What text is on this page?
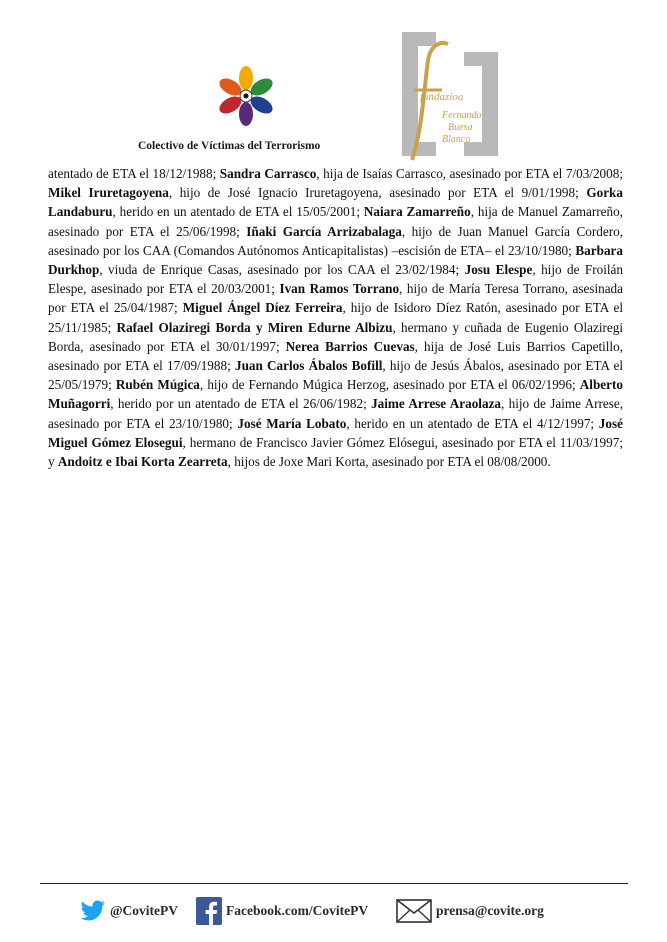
Colectivo de Víctimas del Terrorismo
fundazioa
Fernando
Buesa
Blanco
atentado de ETA el 18/12/1988; Sandra Carrasco, hija de Isaías Carrasco, asesinado por ETA el 7/03/2008; Mikel Iruretagoyena, hijo de José Ignacio Iruretagoyena, asesinado por ETA el 9/01/1998; Gorka Landaburu, herido en un atentado de ETA el 15/05/2001; Naiara Zamarreño, hija de Manuel Zamarreño, asesinado por ETA el 25/06/1998; Iñaki García Arrizabalaga, hijo de Juan Manuel García Cordero, asesinado por los CAA (Comandos Autónomos Anticapitalistas) –escisión de ETA– el 23/10/1980; Barbara Durkhop, viuda de Enrique Casas, asesinado por los CAA el 23/02/1984; Josu Elespe, hijo de Froilán Elespe, asesinado por ETA el 20/03/2001; Ivan Ramos Torrano, hijo de María Teresa Torrano, asesinada por ETA el 25/04/1987; Miguel Ángel Díez Ferreira, hijo de Isidoro Díez Ratón, asesinado por ETA el 25/11/1985; Rafael Olaziregi Borda y Miren Edurne Albizu, hermano y cuñada de Eugenio Olaziregi Borda, asesinado por ETA el 30/01/1997; Nerea Barrios Cuevas, hija de José Luis Barrios Capetillo, asesinado por ETA el 17/09/1988; Juan Carlos Ábalos Bofill, hijo de Jesús Ábalos, asesinado por ETA el 25/05/1979; Rubén Múgica, hijo de Fernando Múgica Herzog, asesinado por ETA el 06/02/1996; Alberto Muñagorri, herido por un atentado de ETA el 26/06/1982; Jaime Arrese Araolaza, hijo de Jaime Arrese, asesinado por ETA el 23/10/1980; José María Lobato, herido en un atentado de ETA el 4/12/1997; José Miguel Gómez Elosegui, hermano de Francisco Javier Gómez Elósegui, asesinado por ETA el 11/03/1997; y Andoitz e Ibai Korta Zearreta, hijos de Joxe Mari Korta, asesinado por ETA el 08/08/2000.
@CovitePV	Facebook.com/CovitePV	prensa@covite.org
